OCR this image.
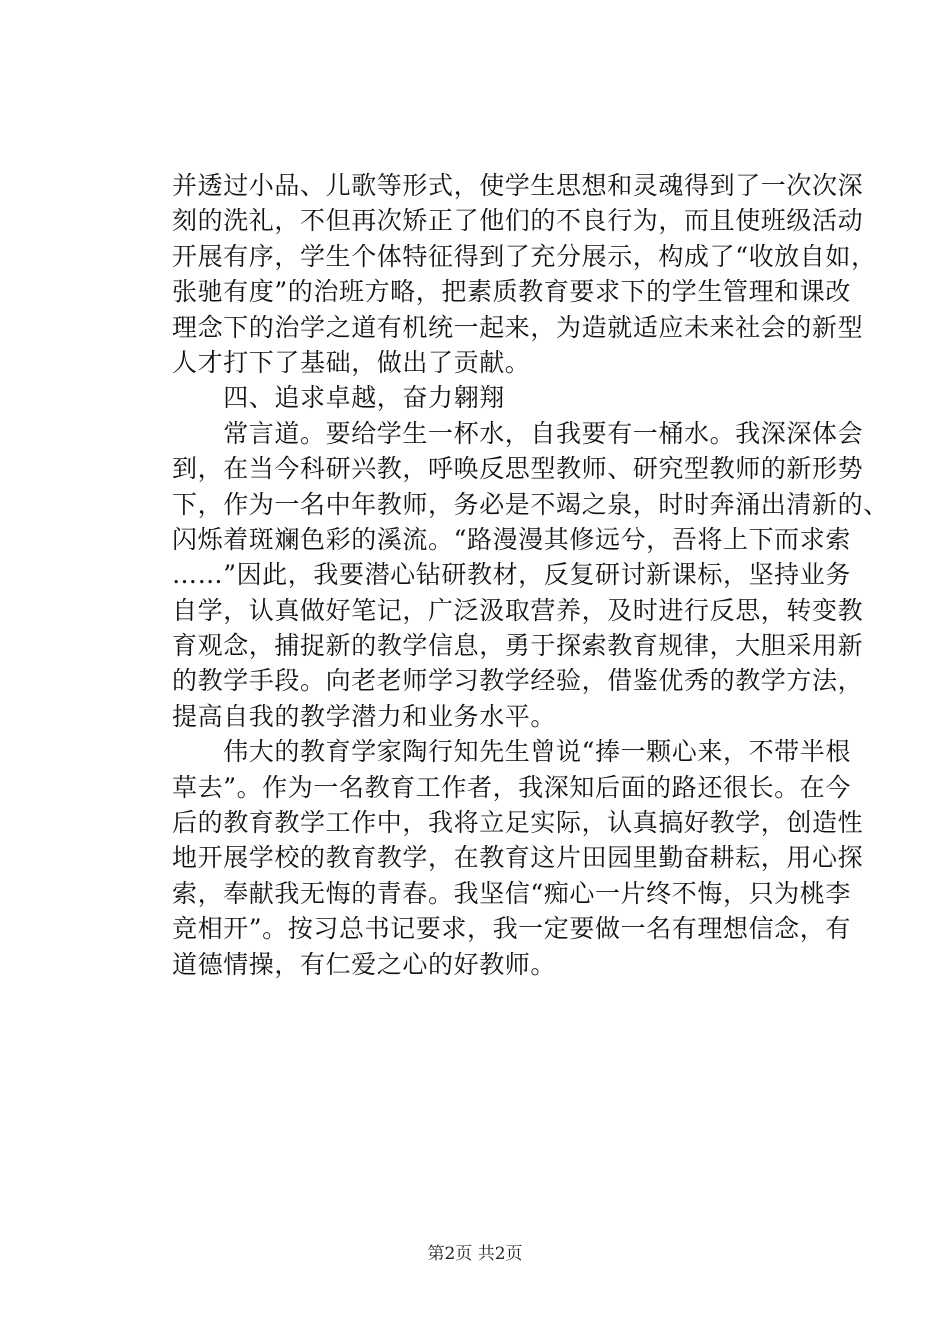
并透过小品、儿歌等形式，使学生思想和灵魂得到了一次次深
刻的洗礼，不但再次矫正了他们的不良行为，而且使班级活动
开展有序，学生个体特征得到了充分展示，构成了“收放自如，
张驰有度”的治班方略，把素质教育要求下的学生管理和课改
理念下的治学之道有机统一起来，为造就适应未来社会的新型
人才打下了基础，做出了贡献。
　　四、追求卓越，奋力翱翔
　　常言道。要给学生一杯水，自我要有一桶水。我深深体会
到，在当今科研兴教，呼唤反思型教师、研究型教师的新形势
下，作为一名中年教师，务必是不竭之泉，时时奔涌出清新的、
闪烁着斑斓色彩的溪流。“路漫漫其修远兮，吾将上下而求索
……”因此，我要潜心钻研教材，反复研讨新课标，坚持业务
自学，认真做好笔记，广泛汲取营养，及时进行反思，转变教
育观念，捕捉新的教学信息，勇于探索教育规律，大胆采用新
的教学手段。向老老师学习教学经验，借鉴优秀的教学方法，
提高自我的教学潜力和业务水平。
　　伟大的教育学家陶行知先生曾说“捧一颗心来，不带半根
草去”。作为一名教育工作者，我深知后面的路还很长。在今
后的教育教学工作中，我将立足实际，认真搞好教学，创造性
地开展学校的教育教学，在教育这片田园里勤奋耕耘，用心探
索，奉献我无悔的青春。我坚信“痴心一片终不悔，只为桃李
竞相开”。按习总书记要求，我一定要做一名有理想信念，有
道德情操，有仁爱之心的好教师。
第2页 共2页
